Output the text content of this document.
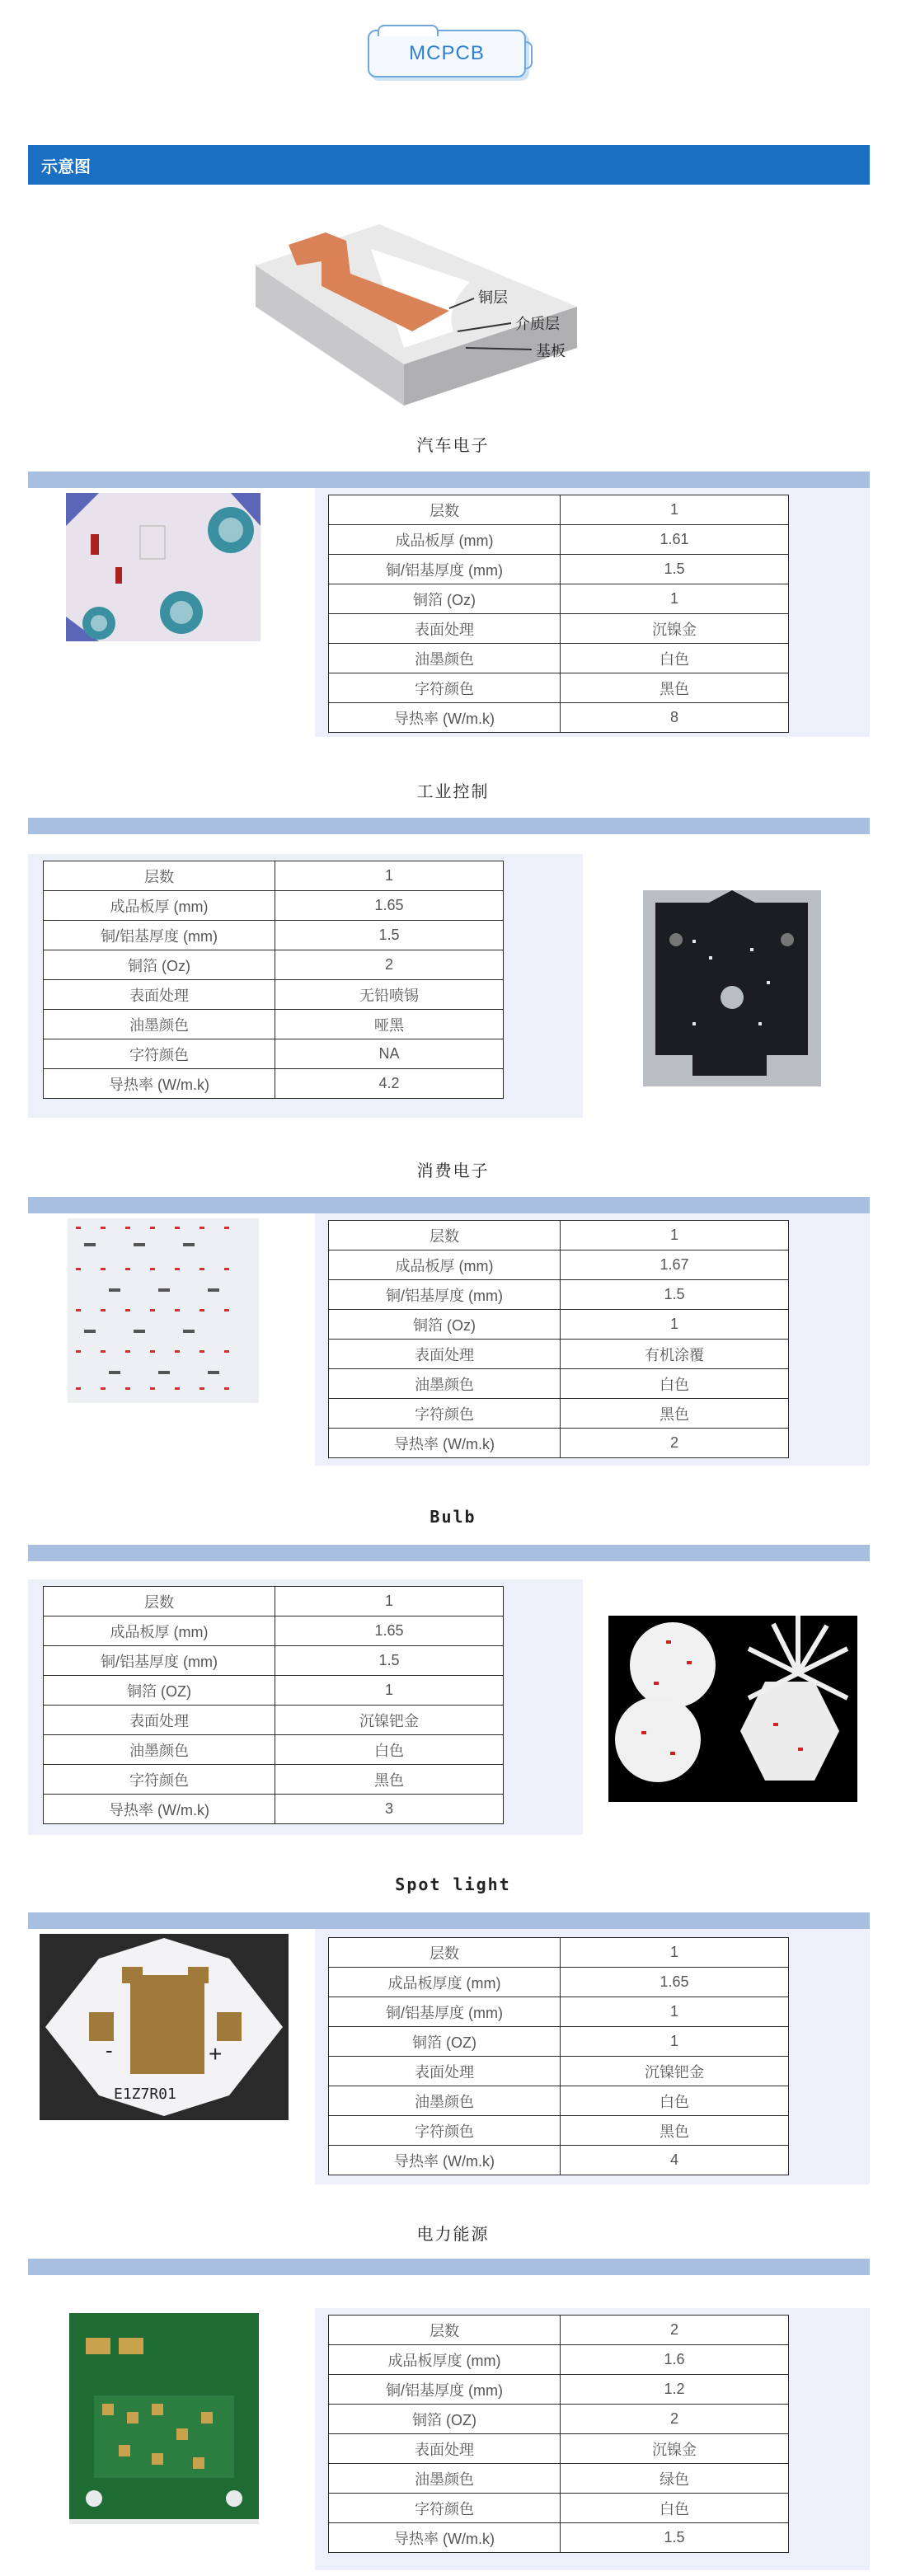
MCPCB
示意图
铜层
介质层
基板
汽车电子
层数	1
成品板厚 (mm)	1.61
铜/铝基厚度 (mm)	1.5
铜箔 (Oz)	1
表面处理	沉镍金
油墨颜色	白色
字符颜色	黑色
导热率 (W/m.k)	8
工业控制
层数	1
成品板厚 (mm)	1.65
铜/铝基厚度 (mm)	1.5
铜箔 (Oz)	2
表面处理	无铅喷锡
油墨颜色	哑黑
字符颜色	NA
导热率 (W/m.k)	4.2
消费电子
层数	1
成品板厚 (mm)	1.67
铜/铝基厚度 (mm)	1.5
铜箔 (Oz)	1
表面处理	有机涂覆
油墨颜色	白色
字符颜色	黑色
导热率 (W/m.k)	2
Bulb
层数	1
成品板厚 (mm)	1.65
铜/铝基厚度 (mm)	1.5
铜箔 (OZ)	1
表面处理	沉镍钯金
油墨颜色	白色
字符颜色	黑色
导热率 (W/m.k)	3
Spot light
E1Z7R01
-	+
层数	1
成品板厚度 (mm)	1.65
铜/铝基厚度 (mm)	1
铜箔 (OZ)	1
表面处理	沉镍钯金
油墨颜色	白色
字符颜色	黑色
导热率 (W/m.k)	4
电力能源
层数	2
成品板厚度 (mm)	1.6
铜/铝基厚度 (mm)	1.2
铜箔 (OZ)	2
表面处理	沉镍金
油墨颜色	绿色
字符颜色	白色
导热率 (W/m.k)	1.5
